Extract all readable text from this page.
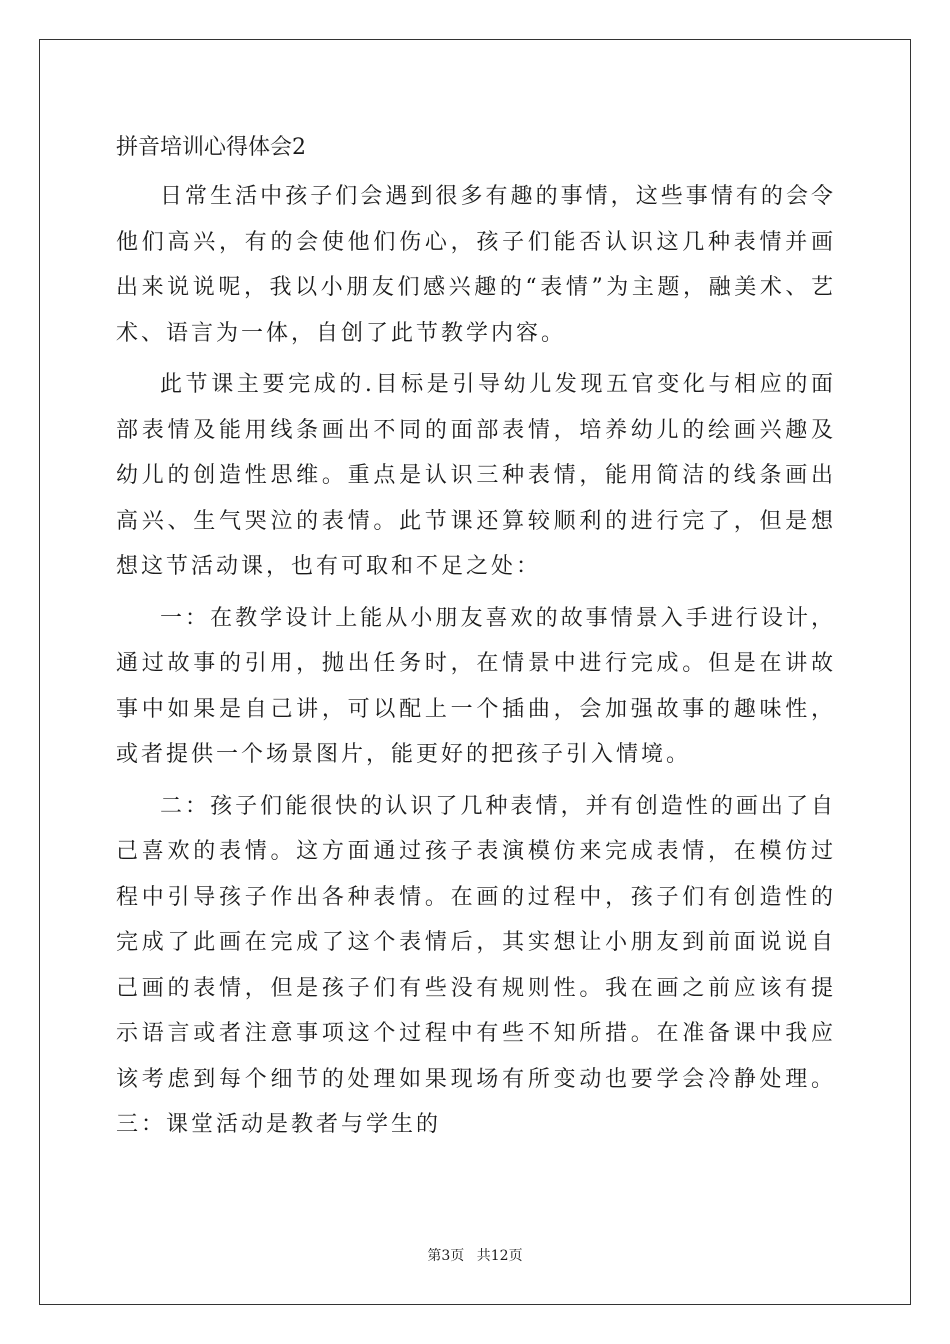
拼音培训心得体会2

日常生活中孩子们会遇到很多有趣的事情，这些事情有的会令他们高兴，有的会使他们伤心，孩子们能否认识这几种表情并画出来说说呢，我以小朋友们感兴趣的“表情”为主题，融美术、艺术、语言为一体，自创了此节教学内容。

此节课主要完成的.目标是引导幼儿发现五官变化与相应的面部表情及能用线条画出不同的面部表情，培养幼儿的绘画兴趣及幼儿的创造性思维。重点是认识三种表情，能用简洁的线条画出高兴、生气哭泣的表情。此节课还算较顺利的进行完了，但是想想这节活动课，也有可取和不足之处：

一：在教学设计上能从小朋友喜欢的故事情景入手进行设计，通过故事的引用，抛出任务时，在情景中进行完成。但是在讲故事中如果是自己讲，可以配上一个插曲，会加强故事的趣味性，或者提供一个场景图片，能更好的把孩子引入情境。

二：孩子们能很快的认识了几种表情，并有创造性的画出了自己喜欢的表情。这方面通过孩子表演模仿来完成表情，在模仿过程中引导孩子作出各种表情。在画的过程中，孩子们有创造性的完成了此画在完成了这个表情后，其实想让小朋友到前面说说自己画的表情，但是孩子们有些没有规则性。我在画之前应该有提示语言或者注意事项这个过程中有些不知所措。在准备课中我应该考虑到每个细节的处理如果现场有所变动也要学会冷静处理。三：课堂活动是教者与学生的

第3页 共12页
